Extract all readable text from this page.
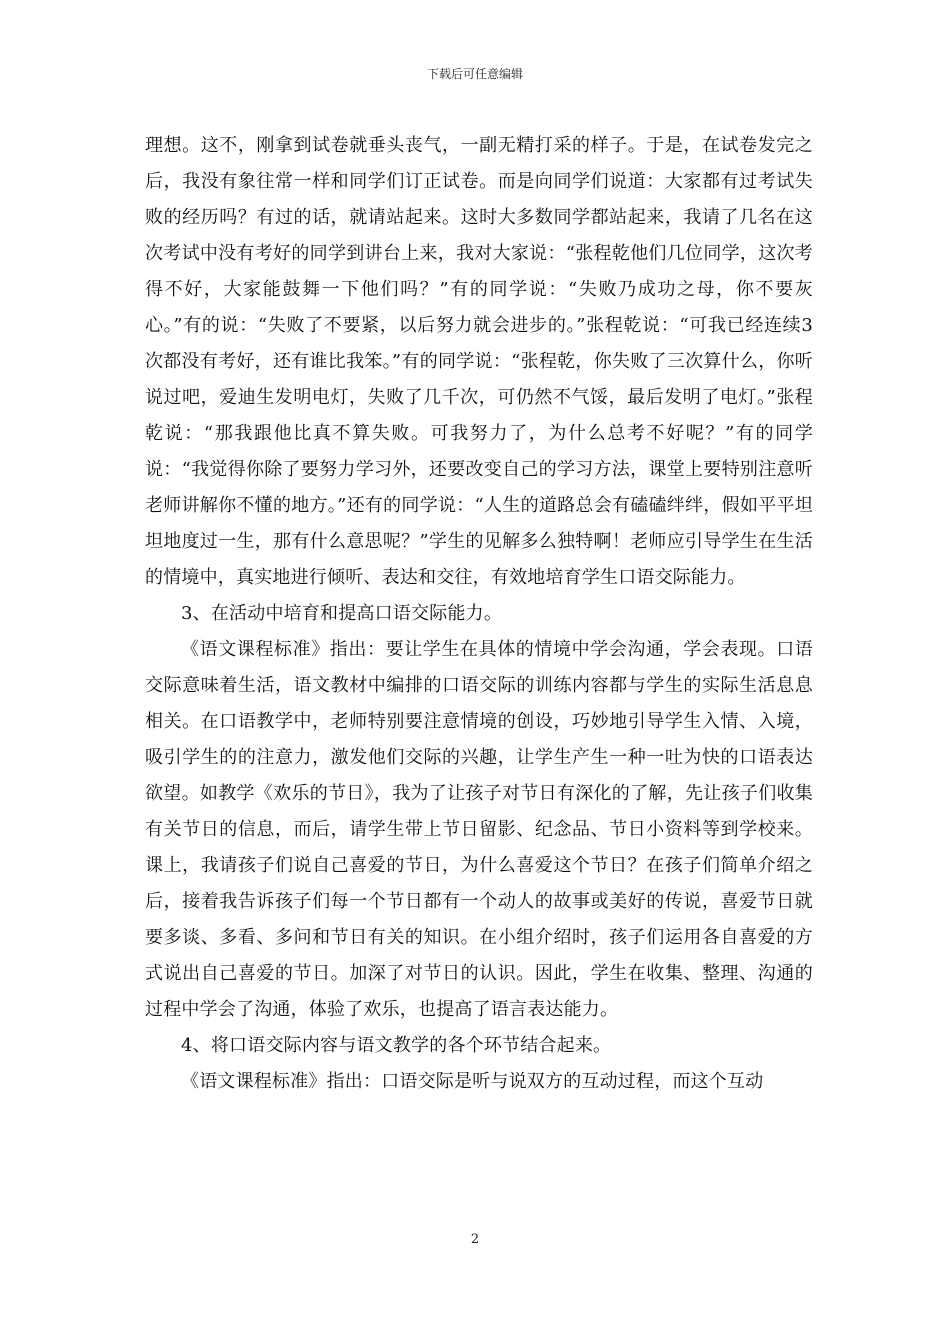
下载后可任意编辑

理想。这不，刚拿到试卷就垂头丧气，一副无精打采的样子。于是，在试卷发完之后，我没有象往常一样和同学们订正试卷。而是向同学们说道：大家都有过考试失败的经历吗？有过的话，就请站起来。这时大多数同学都站起来，我请了几名在这次考试中没有考好的同学到讲台上来，我对大家说：“张程乾他们几位同学，这次考得不好，大家能鼓舞一下他们吗？”有的同学说：“失败乃成功之母，你不要灰心。”有的说：“失败了不要紧，以后努力就会进步的。”张程乾说：“可我已经连续3次都没有考好，还有谁比我笨。”有的同学说：“张程乾，你失败了三次算什么，你听说过吧，爱迪生发明电灯，失败了几千次，可仍然不气馁，最后发明了电灯。”张程乾说：“那我跟他比真不算失败。可我努力了，为什么总考不好呢？”有的同学说：“我觉得你除了要努力学习外，还要改变自己的学习方法，课堂上要特别注意听老师讲解你不懂的地方。”还有的同学说：“人生的道路总会有磕磕绊绊，假如平平坦坦地度过一生，那有什么意思呢？”学生的见解多么独特啊！老师应引导学生在生活的情境中，真实地进行倾听、表达和交往，有效地培育学生口语交际能力。

3、在活动中培育和提高口语交际能力。

《语文课程标准》指出：要让学生在具体的情境中学会沟通，学会表现。口语交际意味着生活，语文教材中编排的口语交际的训练内容都与学生的实际生活息息相关。在口语教学中，老师特别要注意情境的创设，巧妙地引导学生入情、入境，吸引学生的的注意力，激发他们交际的兴趣，让学生产生一种一吐为快的口语表达欲望。如教学《欢乐的节日》，我为了让孩子对节日有深化的了解，先让孩子们收集有关节日的信息，而后，请学生带上节日留影、纪念品、节日小资料等到学校来。课上，我请孩子们说自己喜爱的节日，为什么喜爱这个节日？在孩子们简单介绍之后，接着我告诉孩子们每一个节日都有一个动人的故事或美好的传说，喜爱节日就要多谈、多看、多问和节日有关的知识。在小组介绍时，孩子们运用各自喜爱的方式说出自己喜爱的节日。加深了对节日的认识。因此，学生在收集、整理、沟通的过程中学会了沟通，体验了欢乐，也提高了语言表达能力。

4、将口语交际内容与语文教学的各个环节结合起来。

《语文课程标准》指出：口语交际是听与说双方的互动过程，而这个互动

2
